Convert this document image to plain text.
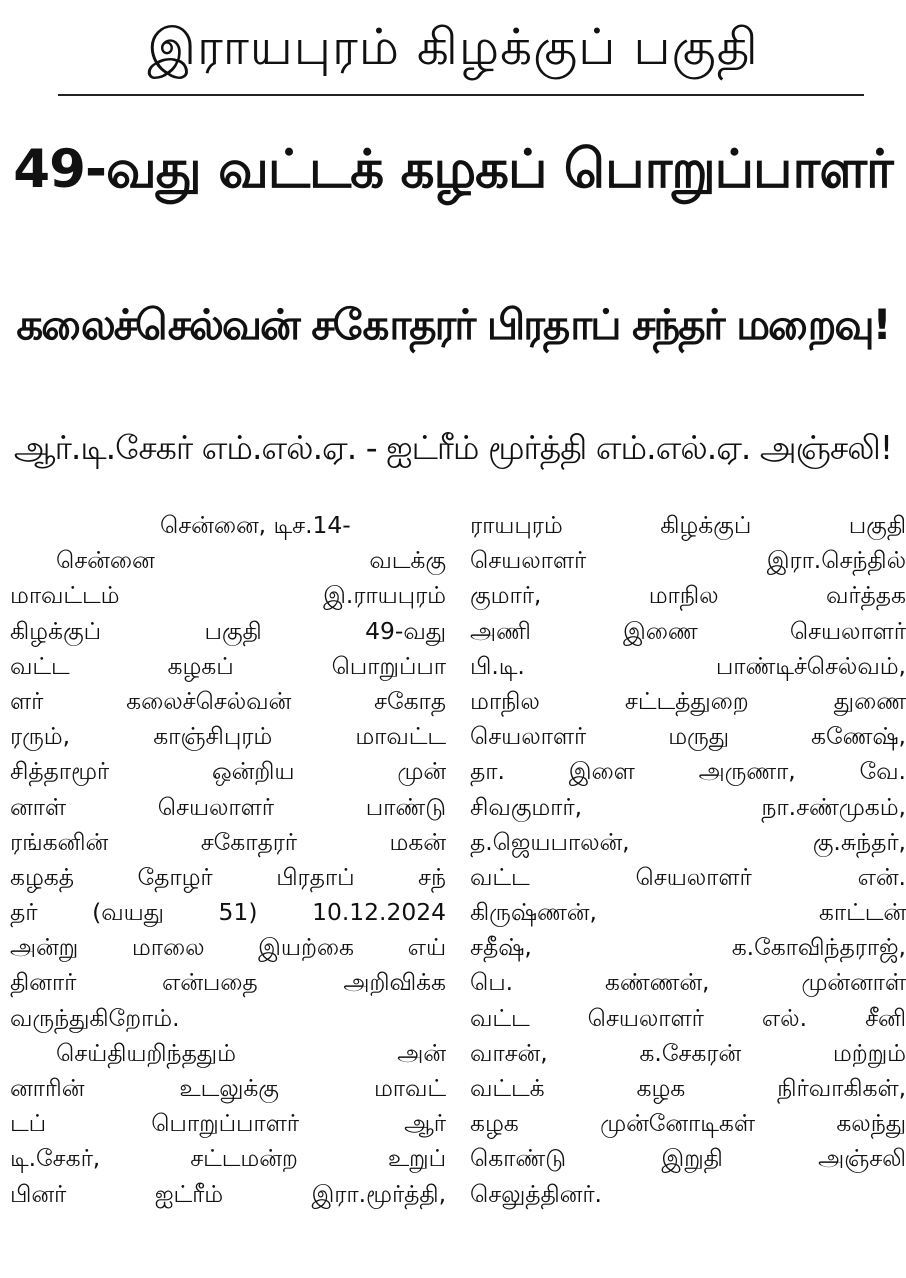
இராயபுரம் கிழக்குப் பகுதி
49-வது வட்டக் கழகப் பொறுப்பாளர்
கலைச்செல்வன் சகோதரர் பிரதாப் சந்தர் மறைவு!
ஆர்.டி.சேகர் எம்.எல்.ஏ. - ஐட்ரீம் மூர்த்தி எம்.எல்.ஏ. அஞ்சலி!
சென்னை, டிச.14-
சென்னை வடக்கு
மாவட்டம் இ.ராயபுரம்
கிழக்குப் பகுதி 49-வது
வட்ட கழகப் பொறுப்பா
ளர் கலைச்செல்வன் சகோத
ரரும், காஞ்சிபுரம் மாவட்ட
சித்தாமூர் ஒன்றிய முன்
னாள் செயலாளர் பாண்டு
ரங்கனின் சகோதரர் மகன்
கழகத் தோழர் பிரதாப் சந்
தர் (வயது 51) 10.12.2024
அன்று மாலை இயற்கை எய்
தினார் என்பதை அறிவிக்க
வருந்துகிறோம்.
செய்தியறிந்ததும் அன்
னாரின் உடலுக்கு மாவட்
டப் பொறுப்பாளர் ஆர்
டி.சேகர், சட்டமன்ற உறுப்
பினர் ஐட்ரீம் இரா.மூர்த்தி,
ராயபுரம் கிழக்குப் பகுதி
செயலாளர் இரா.செந்தில்
குமார், மாநில வர்த்தக
அணி இணை செயலாளர்
பி.டி. பாண்டிச்செல்வம்,
மாநில சட்டத்துறை துணை
செயலாளர் மருது கணேஷ்,
தா. இளை அருணா, வே.
சிவகுமார், நா.சண்முகம்,
த.ஜெயபாலன், கு.சுந்தர்,
வட்ட செயலாளர் என்.
கிருஷ்ணன், காட்டன்
சதீஷ், க.கோவிந்தராஜ்,
பெ. கண்ணன், முன்னாள்
வட்ட செயலாளர் எல். சீனி
வாசன், க.சேகரன் மற்றும்
வட்டக் கழக நிர்வாகிகள்,
கழக முன்னோடிகள் கலந்து
கொண்டு இறுதி அஞ்சலி
செலுத்தினர்.
